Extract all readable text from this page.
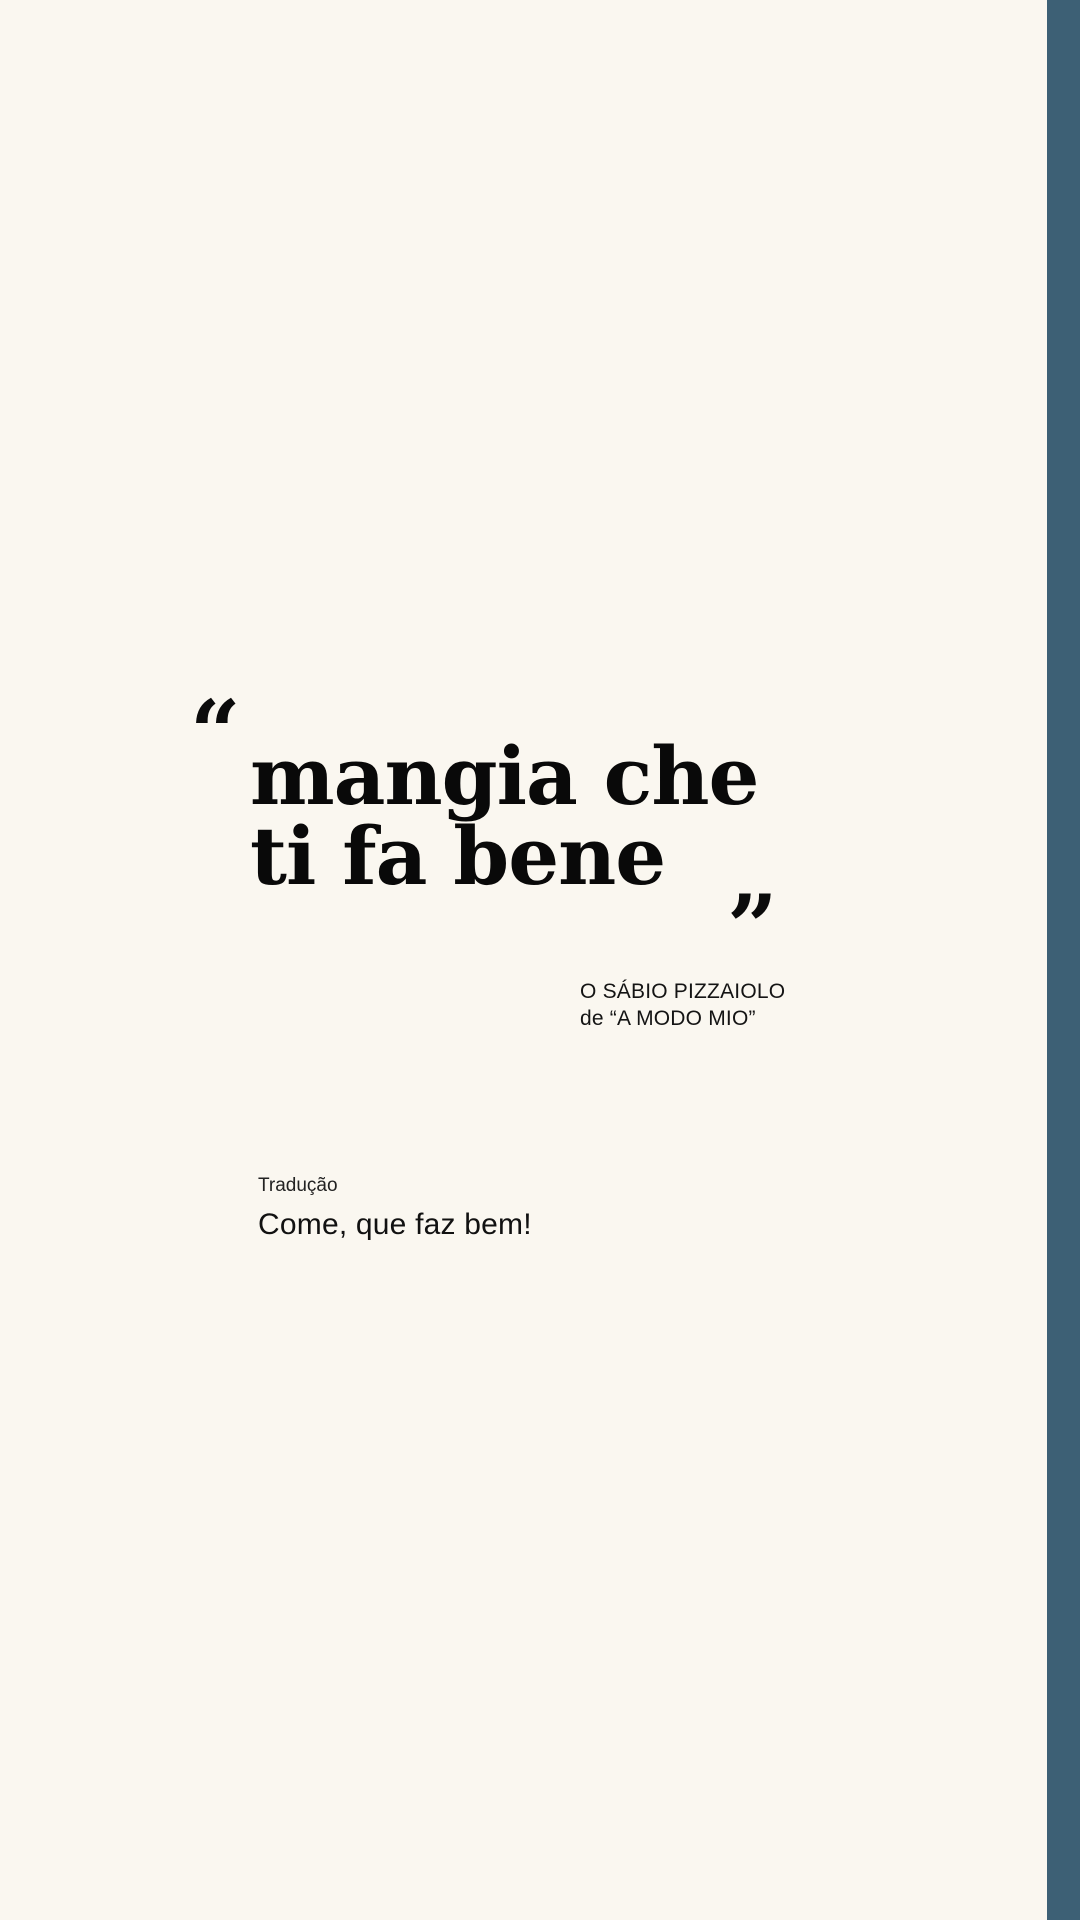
“ mangia che
ti fa bene
”
O SÁBIO PIZZAIOLO
de “A MODO MIO”
Tradução
Come, que faz bem!
